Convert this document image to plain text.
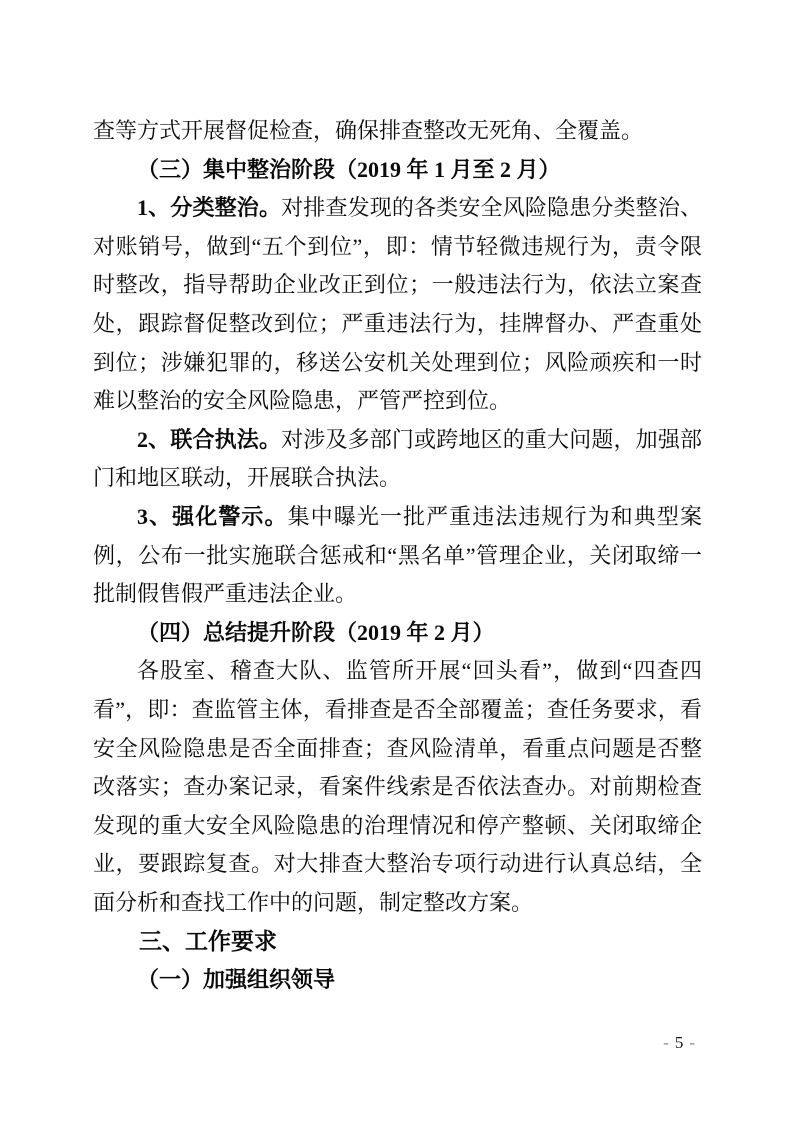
查等方式开展督促检查，确保排查整改无死角、全覆盖。

（三）集中整治阶段（2019 年 1 月至 2 月）

1、分类整治。对排查发现的各类安全风险隐患分类整治、对账销号，做到“五个到位”，即：情节轻微违规行为，责令限时整改，指导帮助企业改正到位；一般违法行为，依法立案查处，跟踪督促整改到位；严重违法行为，挂牌督办、严查重处到位；涉嫌犯罪的，移送公安机关处理到位；风险顽疾和一时难以整治的安全风险隐患，严管严控到位。

2、联合执法。对涉及多部门或跨地区的重大问题，加强部门和地区联动，开展联合执法。

3、强化警示。集中曝光一批严重违法违规行为和典型案例，公布一批实施联合惩戒和“黑名单”管理企业，关闭取缔一批制假售假严重违法企业。

（四）总结提升阶段（2019 年 2 月）

各股室、稽查大队、监管所开展“回头看”，做到“四查四看”，即：查监管主体，看排查是否全部覆盖；查任务要求，看安全风险隐患是否全面排查；查风险清单，看重点问题是否整改落实；查办案记录，看案件线索是否依法查办。对前期检查发现的重大安全风险隐患的治理情况和停产整顿、关闭取缔企业，要跟踪复查。对大排查大整治专项行动进行认真总结，全面分析和查找工作中的问题，制定整改方案。

三、工作要求

（一）加强组织领导

- 5 -
